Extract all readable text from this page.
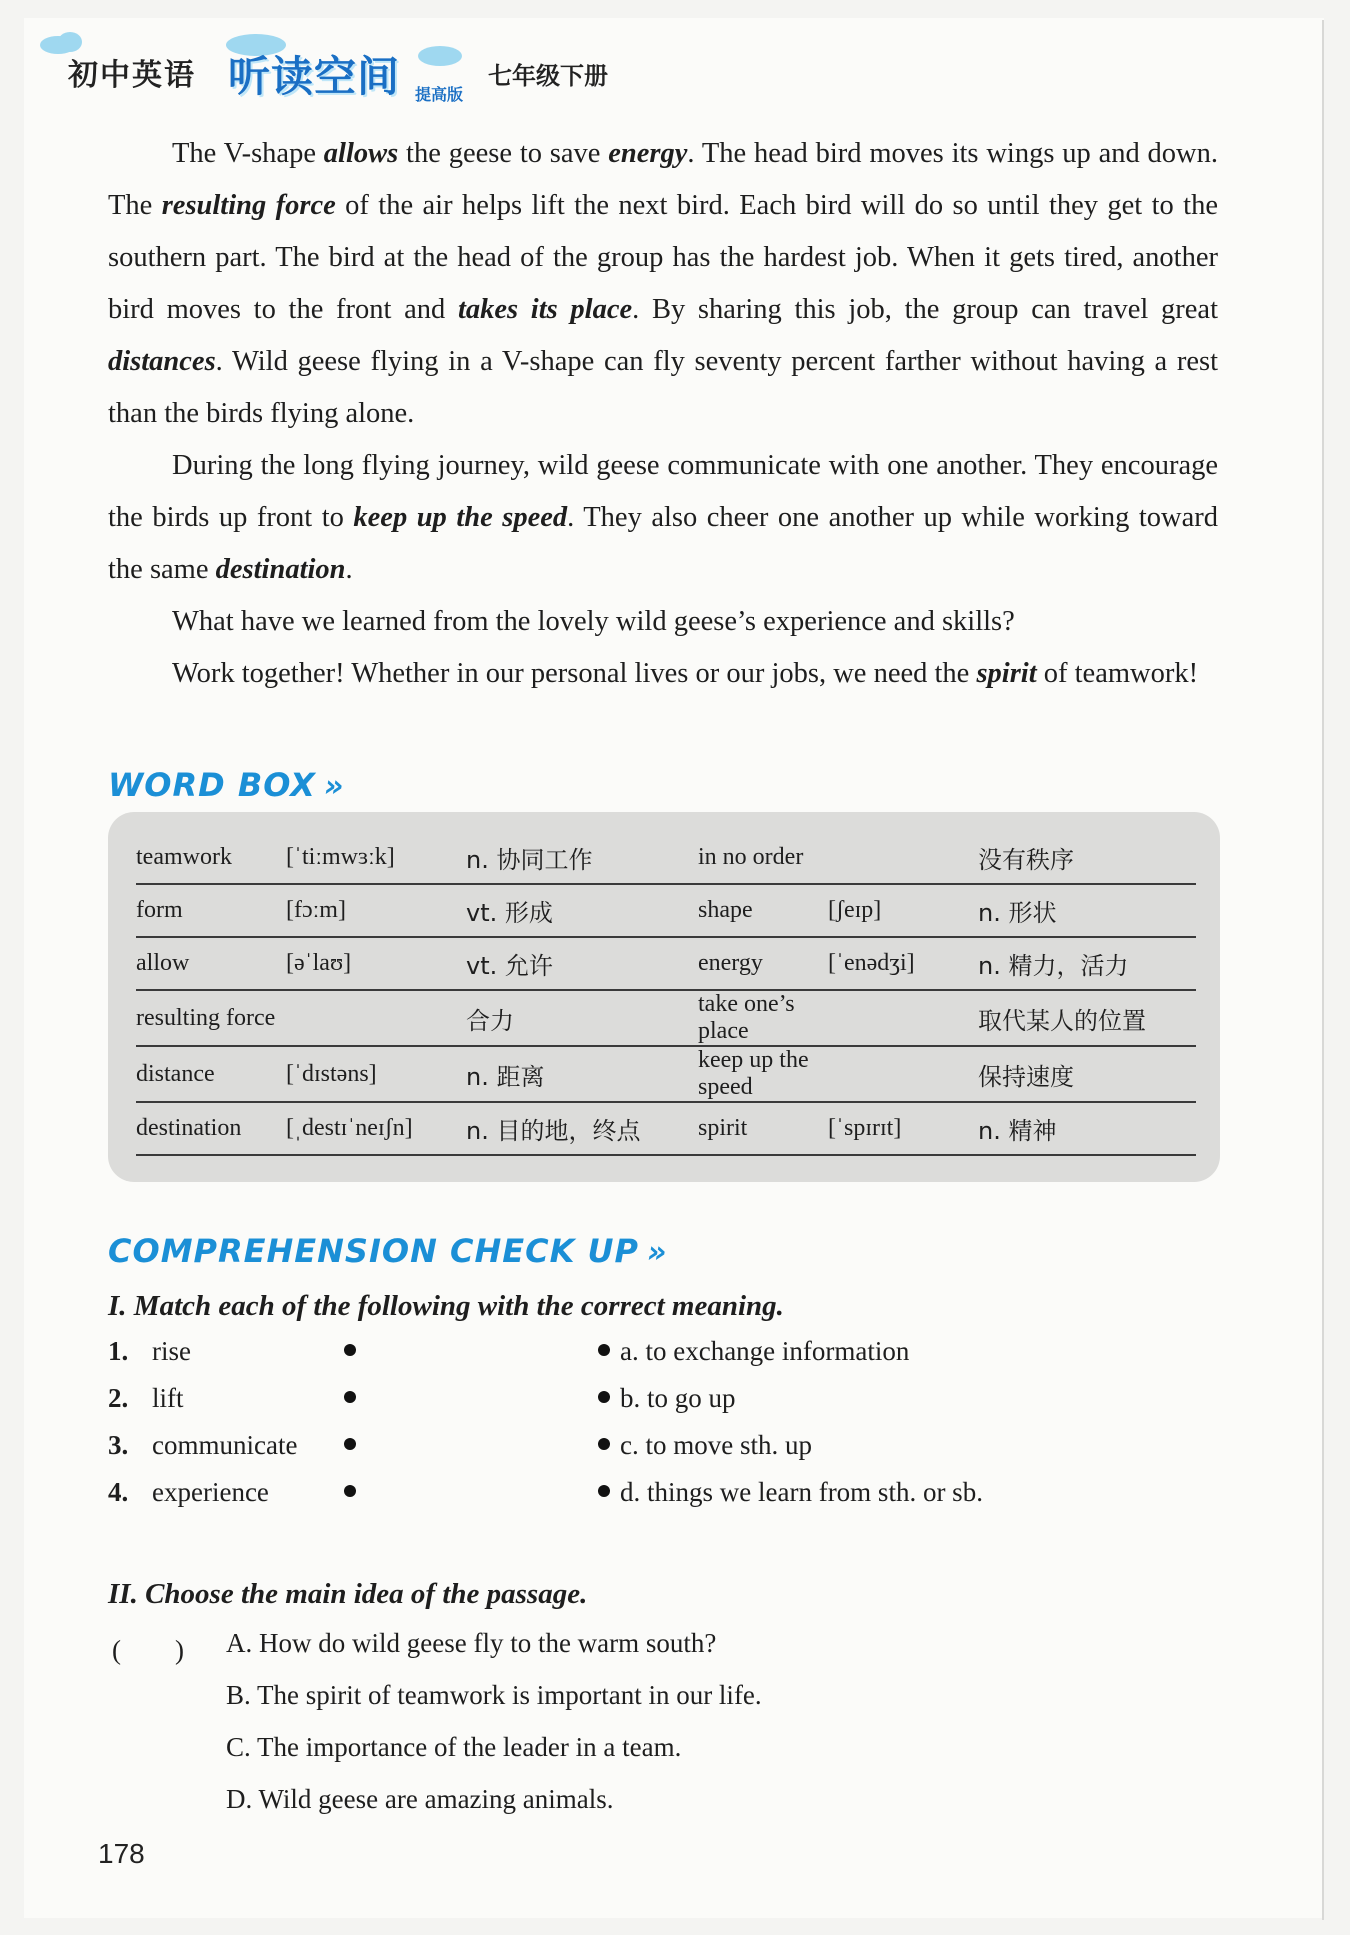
初中英语 听读空间 提高版
七年级下册

The V-shape allows the geese to save energy. The head bird moves its wings up and down. The resulting force of the air helps lift the next bird. Each bird will do so until they get to the southern part. The bird at the head of the group has the hardest job. When it gets tired, another bird moves to the front and takes its place. By sharing this job, the group can travel great distances. Wild geese flying in a V-shape can fly seventy percent farther without having a rest than the birds flying alone.

During the long flying journey, wild geese communicate with one another. They encourage the birds up front to keep up the speed. They also cheer one another up while working toward the same destination.

What have we learned from the lovely wild geese’s experience and skills?

Work together! Whether in our personal lives or our jobs, we need the spirit of teamwork!

WORD BOX »
teamwork	[ˈtiːmwɜːk]	n. 协同工作	in no order		没有秩序
form	[fɔːm]	vt. 形成	shape	[ʃeɪp]	n. 形状
allow	[əˈlaʊ]	vt. 允许	energy	[ˈenədʒi]	n. 精力，活力
resulting force		合力	take one’s place		取代某人的位置
distance	[ˈdɪstəns]	n. 距离	keep up the speed		保持速度
destination	[ˌdestɪˈneɪʃn]	n. 目的地，终点	spirit	[ˈspɪrɪt]	n. 精神
COMPREHENSION CHECK UP »
I. Match each of the following with the correct meaning.
1. rise	a. to exchange information
2. lift	b. to go up
3. communicate	c. to move sth. up
4. experience	d. things we learn from sth. or sb.
II. Choose the main idea of the passage.
(　　) A. How do wild geese fly to the warm south?
B. The spirit of teamwork is important in our life.
C. The importance of the leader in a team.
D. Wild geese are amazing animals.
178
